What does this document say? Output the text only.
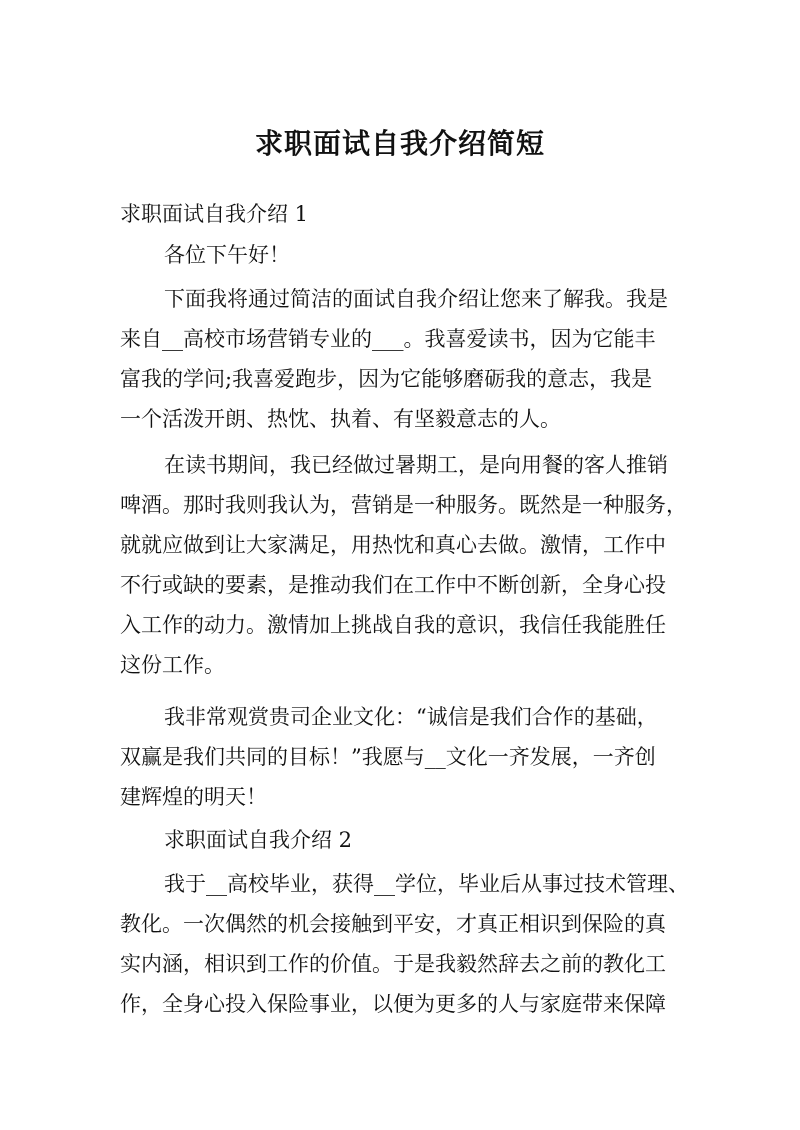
求职面试自我介绍简短
求职面试自我介绍 1
各位下午好！
下面我将通过简洁的面试自我介绍让您来了解我。我是
来自__高校市场营销专业的___。我喜爱读书，因为它能丰
富我的学问;我喜爱跑步，因为它能够磨砺我的意志，我是
一个活泼开朗、热忱、执着、有坚毅意志的人。
在读书期间，我已经做过暑期工，是向用餐的客人推销
啤酒。那时我则我认为，营销是一种服务。既然是一种服务，
就就应做到让大家满足，用热忱和真心去做。激情，工作中
不行或缺的要素，是推动我们在工作中不断创新，全身心投
入工作的动力。激情加上挑战自我的意识，我信任我能胜任
这份工作。
我非常观赏贵司企业文化：“诚信是我们合作的基础，
双赢是我们共同的目标！”我愿与__文化一齐发展，一齐创
建辉煌的明天！
求职面试自我介绍 2
我于__高校毕业，获得__学位，毕业后从事过技术管理、
教化。一次偶然的机会接触到平安，才真正相识到保险的真
实内涵，相识到工作的价值。于是我毅然辞去之前的教化工
作，全身心投入保险事业，以便为更多的人与家庭带来保障
